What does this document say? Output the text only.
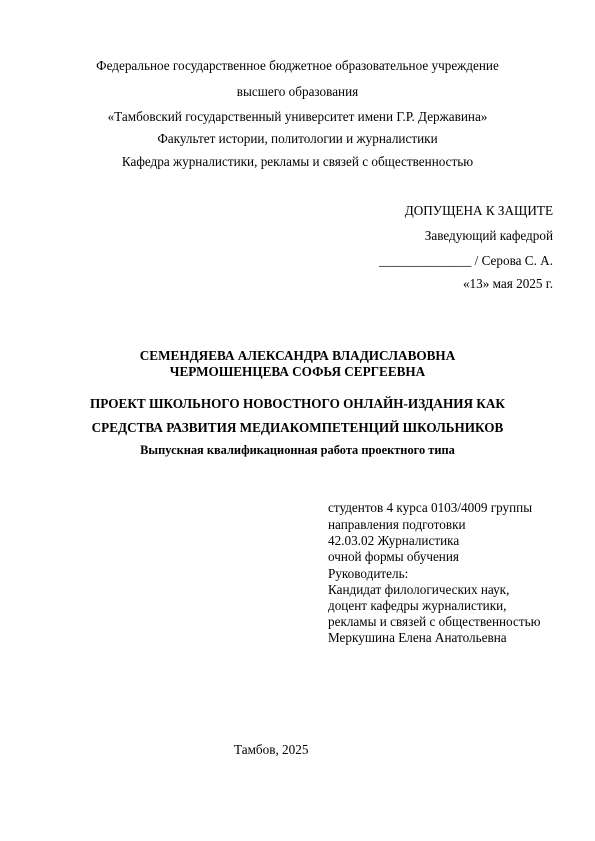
Федеральное государственное бюджетное образовательное учреждение
высшего образования
«Тамбовский государственный университет имени Г.Р. Державина»
Факультет истории, политологии и журналистики
Кафедра журналистики, рекламы и связей с общественностью
ДОПУЩЕНА К ЗАЩИТЕ
Заведующий кафедрой
______________ / Серова С. А.
«13» мая 2025 г.
СЕМЕНДЯЕВА АЛЕКСАНДРА ВЛАДИСЛАВОВНА
ЧЕРМОШЕНЦЕВА СОФЬЯ СЕРГЕЕВНА
ПРОЕКТ ШКОЛЬНОГО НОВОСТНОГО ОНЛАЙН-ИЗДАНИЯ КАК
СРЕДСТВА РАЗВИТИЯ МЕДИАКОМПЕТЕНЦИЙ ШКОЛЬНИКОВ
Выпускная квалификационная работа проектного типа
студентов 4 курса 0103/4009 группы
направления подготовки
42.03.02 Журналистика
очной формы обучения
Руководитель:
Кандидат филологических наук,
доцент кафедры журналистики,
рекламы и связей с общественностью
Меркушина Елена Анатольевна
Тамбов, 2025
